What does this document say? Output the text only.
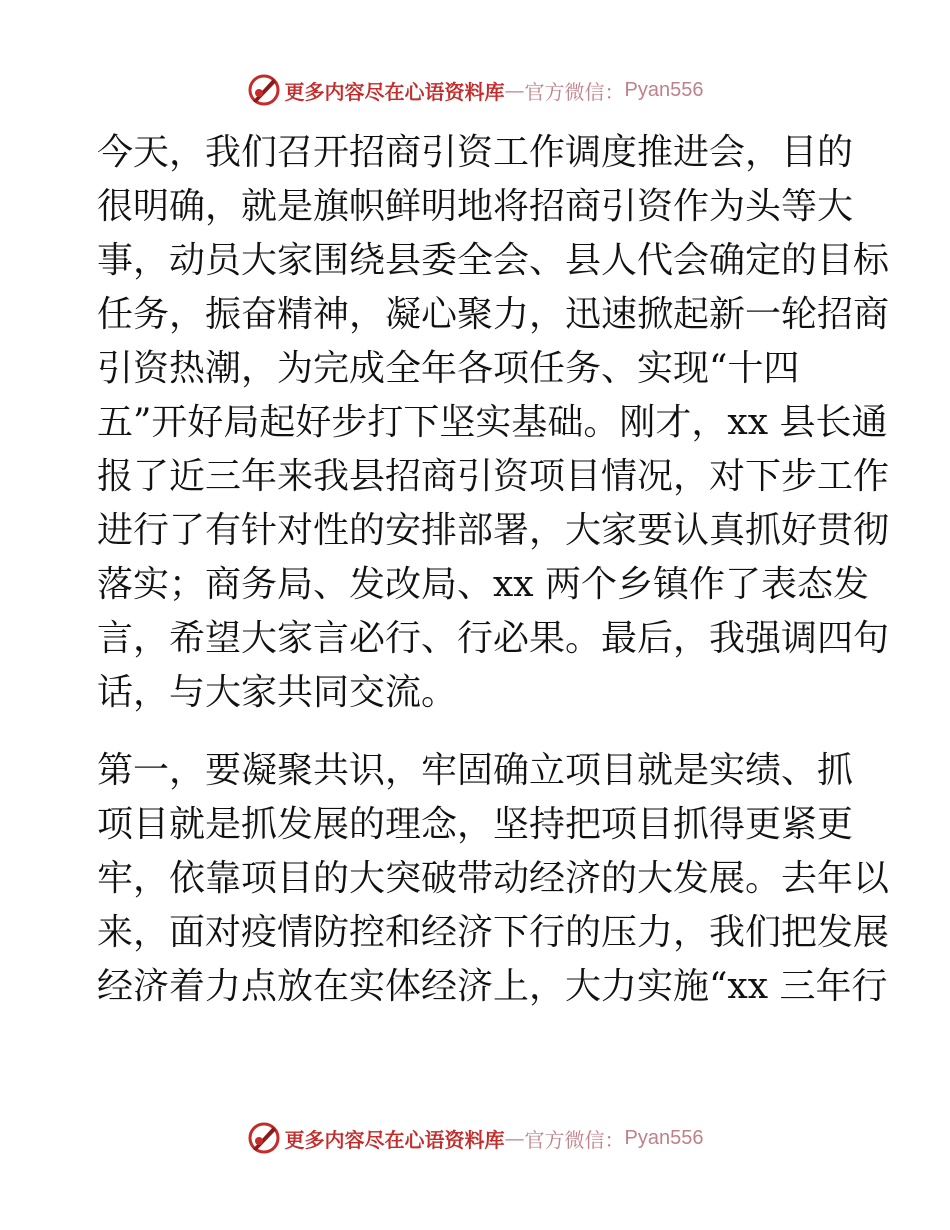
更多内容尽在心语资料库 — 官方微信： Pyan556

今天，我们召开招商引资工作调度推进会，目的
很明确，就是旗帜鲜明地将招商引资作为头等大
事，动员大家围绕县委全会、县人代会确定的目标
任务，振奋精神，凝心聚力，迅速掀起新一轮招商
引资热潮，为完成全年各项任务、实现“十四
五”开好局起好步打下坚实基础。刚才，xx 县长通
报了近三年来我县招商引资项目情况，对下步工作
进行了有针对性的安排部署，大家要认真抓好贯彻
落实；商务局、发改局、xx 两个乡镇作了表态发
言，希望大家言必行、行必果。最后，我强调四句
话，与大家共同交流。

第一，要凝聚共识，牢固确立项目就是实绩、抓
项目就是抓发展的理念，坚持把项目抓得更紧更
牢，依靠项目的大突破带动经济的大发展。去年以
来，面对疫情防控和经济下行的压力，我们把发展
经济着力点放在实体经济上，大力实施“xx 三年行

更多内容尽在心语资料库 — 官方微信： Pyan556
